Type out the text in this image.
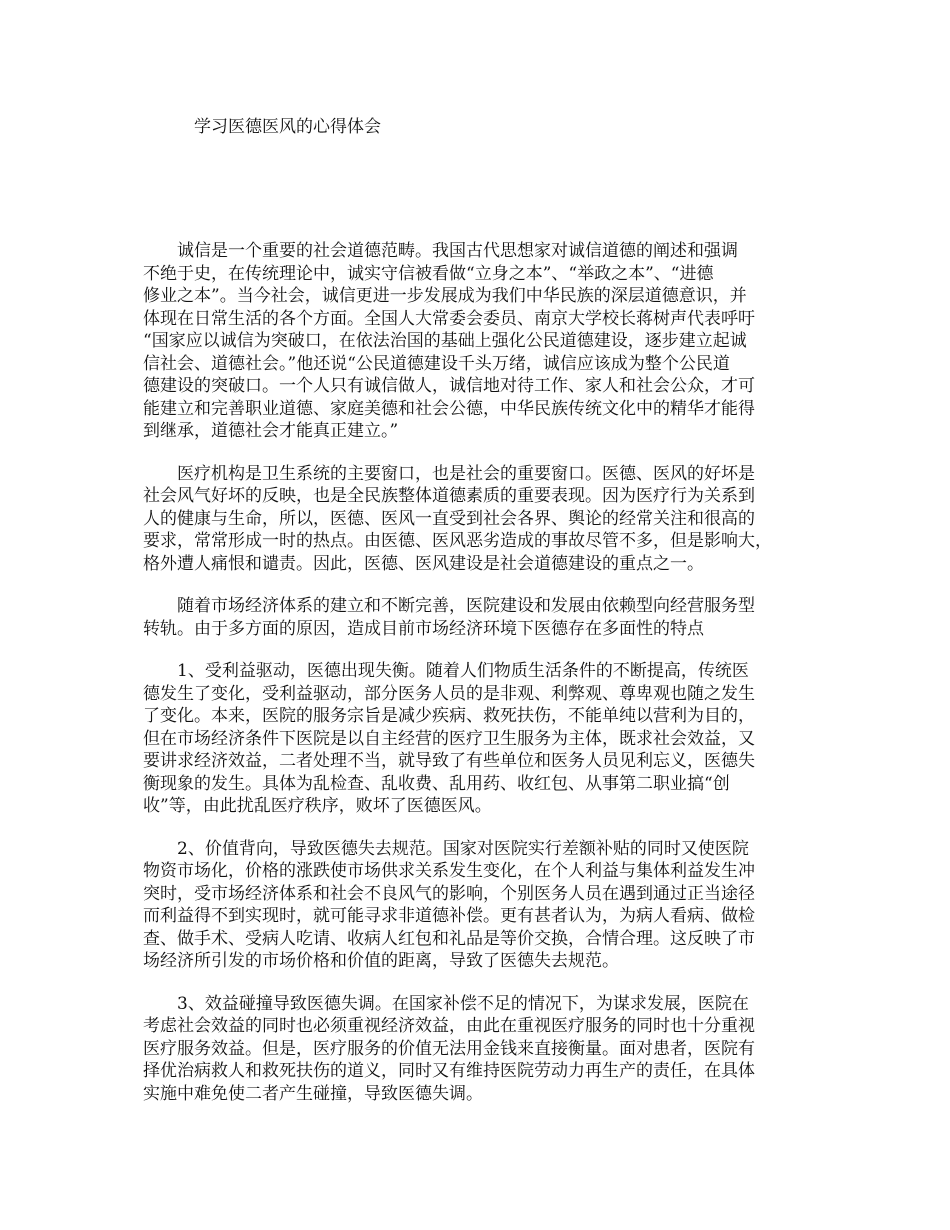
学习医德医风的心得体会

诚信是一个重要的社会道德范畴。我国古代思想家对诚信道德的阐述和强调
不绝于史，在传统理论中，诚实守信被看做“立身之本”、“举政之本”、“进德
修业之本”。当今社会，诚信更进一步发展成为我们中华民族的深层道德意识，并
体现在日常生活的各个方面。全国人大常委会委员、南京大学校长蒋树声代表呼吁
“国家应以诚信为突破口，在依法治国的基础上强化公民道德建设，逐步建立起诚
信社会、道德社会。”他还说“公民道德建设千头万绪，诚信应该成为整个公民道
德建设的突破口。一个人只有诚信做人，诚信地对待工作、家人和社会公众，才可
能建立和完善职业道德、家庭美德和社会公德，中华民族传统文化中的精华才能得
到继承，道德社会才能真正建立。”

医疗机构是卫生系统的主要窗口，也是社会的重要窗口。医德、医风的好坏是
社会风气好坏的反映，也是全民族整体道德素质的重要表现。因为医疗行为关系到
人的健康与生命，所以，医德、医风一直受到社会各界、舆论的经常关注和很高的
要求，常常形成一时的热点。由医德、医风恶劣造成的事故尽管不多，但是影响大，
格外遭人痛恨和谴责。因此，医德、医风建设是社会道德建设的重点之一。

随着市场经济体系的建立和不断完善，医院建设和发展由依赖型向经营服务型
转轨。由于多方面的原因，造成目前市场经济环境下医德存在多面性的特点

1、受利益驱动，医德出现失衡。随着人们物质生活条件的不断提高，传统医
德发生了变化，受利益驱动，部分医务人员的是非观、利弊观、尊卑观也随之发生
了变化。本来，医院的服务宗旨是减少疾病、救死扶伤，不能单纯以营利为目的，
但在市场经济条件下医院是以自主经营的医疗卫生服务为主体，既求社会效益，又
要讲求经济效益，二者处理不当，就导致了有些单位和医务人员见利忘义，医德失
衡现象的发生。具体为乱检查、乱收费、乱用药、收红包、从事第二职业搞“创
收”等，由此扰乱医疗秩序，败坏了医德医风。

2、价值背向，导致医德失去规范。国家对医院实行差额补贴的同时又使医院
物资市场化，价格的涨跌使市场供求关系发生变化，在个人利益与集体利益发生冲
突时，受市场经济体系和社会不良风气的影响，个别医务人员在遇到通过正当途径
而利益得不到实现时，就可能寻求非道德补偿。更有甚者认为，为病人看病、做检
查、做手术、受病人吃请、收病人红包和礼品是等价交换，合情合理。这反映了市
场经济所引发的市场价格和价值的距离，导致了医德失去规范。

3、效益碰撞导致医德失调。在国家补偿不足的情况下，为谋求发展，医院在
考虑社会效益的同时也必须重视经济效益，由此在重视医疗服务的同时也十分重视
医疗服务效益。但是，医疗服务的价值无法用金钱来直接衡量。面对患者，医院有
择优治病救人和救死扶伤的道义，同时又有维持医院劳动力再生产的责任，在具体
实施中难免使二者产生碰撞，导致医德失调。
